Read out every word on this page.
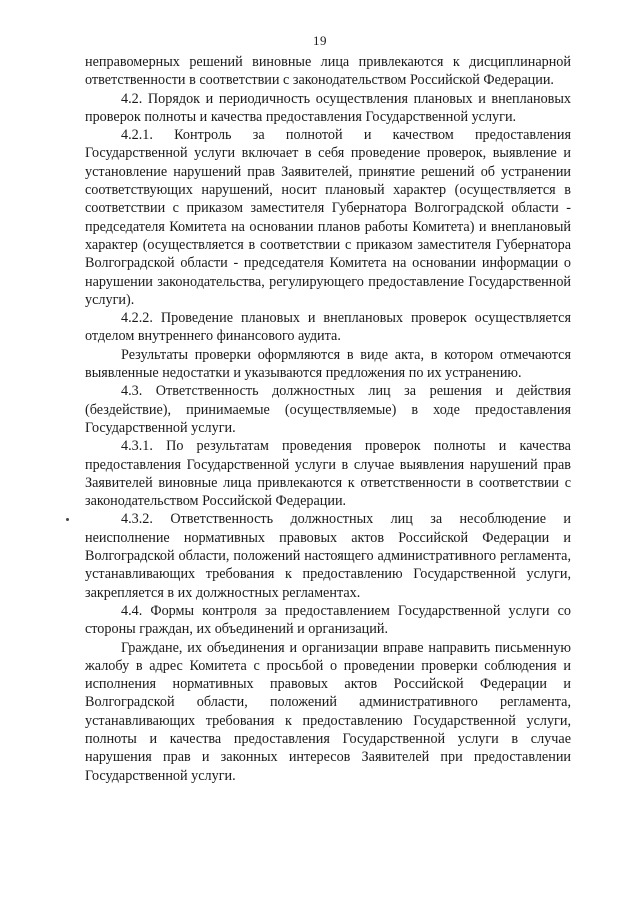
19

неправомерных решений виновные лица привлекаются к дисциплинарной ответственности в соответствии с законодательством Российской Федерации.

4.2. Порядок и периодичность осуществления плановых и внеплановых проверок полноты и качества предоставления Государственной услуги.

4.2.1. Контроль за полнотой и качеством предоставления Государственной услуги включает в себя проведение проверок, выявление и установление нарушений прав Заявителей, принятие решений об устранении соответствующих нарушений, носит плановый характер (осуществляется в соответствии с приказом заместителя Губернатора Волгоградской области - председателя Комитета на основании планов работы Комитета) и внеплановый характер (осуществляется в соответствии с приказом заместителя Губернатора Волгоградской области - председателя Комитета на основании информации о нарушении законодательства, регулирующего предоставление Государственной услуги).

4.2.2. Проведение плановых и внеплановых проверок осуществляется отделом внутреннего финансового аудита.

Результаты проверки оформляются в виде акта, в котором отмечаются выявленные недостатки и указываются предложения по их устранению.

4.3. Ответственность должностных лиц за решения и действия (бездействие), принимаемые (осуществляемые) в ходе предоставления Государственной услуги.

4.3.1. По результатам проведения проверок полноты и качества предоставления Государственной услуги в случае выявления нарушений прав Заявителей виновные лица привлекаются к ответственности в соответствии с законодательством Российской Федерации.

4.3.2. Ответственность должностных лиц за несоблюдение и неисполнение нормативных правовых актов Российской Федерации и Волгоградской области, положений настоящего административного регламента, устанавливающих требования к предоставлению Государственной услуги, закрепляется в их должностных регламентах.

4.4. Формы контроля за предоставлением Государственной услуги со стороны граждан, их объединений и организаций.

Граждане, их объединения и организации вправе направить письменную жалобу в адрес Комитета с просьбой о проведении проверки соблюдения и исполнения нормативных правовых актов Российской Федерации и Волгоградской области, положений административного регламента, устанавливающих требования к предоставлению Государственной услуги, полноты и качества предоставления Государственной услуги в случае нарушения прав и законных интересов Заявителей при предоставлении Государственной услуги.
